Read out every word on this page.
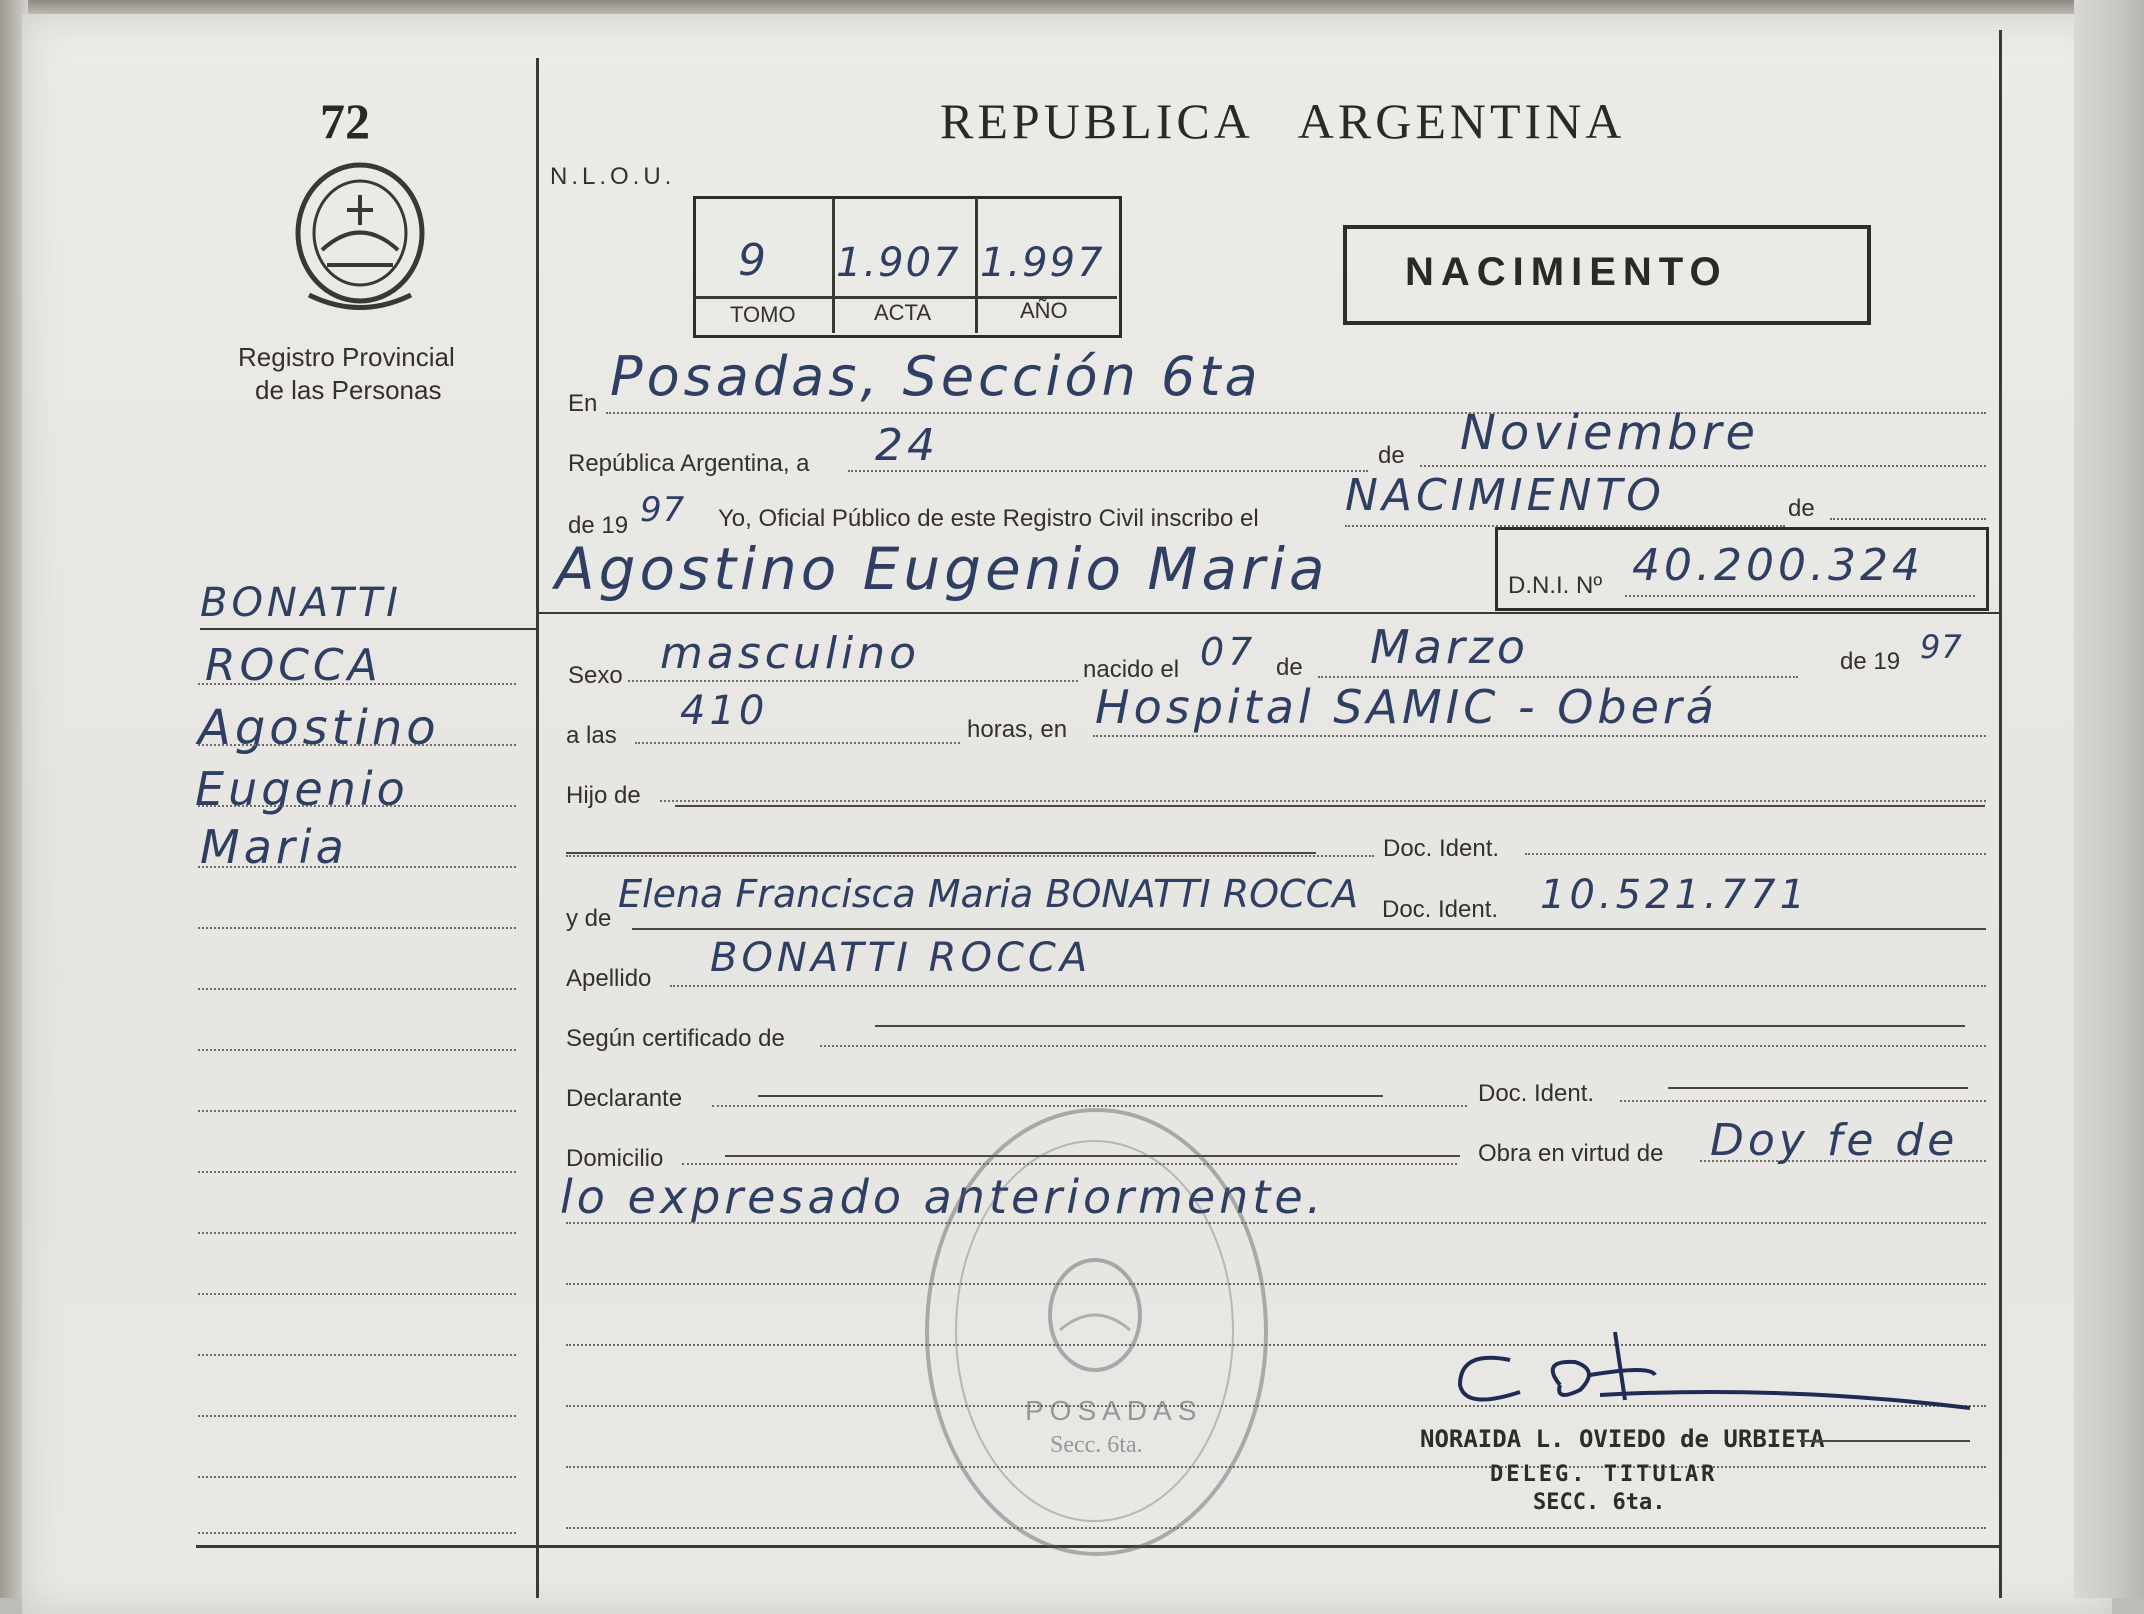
72
Registro Provincial
de las Personas
BONATTI
ROCCA
Agostino
Eugenio
Maria
REPUBLICA   ARGENTINA
N.L.O.U.
9 1.907 1.997
TOMO	ACTA	AÑO
NACIMIENTO
En Posadas, Sección 6ta
República Argentina, a 24	de Noviembre
de 19 97 Yo, Oficial Público de este Registro Civil inscribo el NACIMIENTO	de
Agostino Eugenio Maria	D.N.I. Nº 40.200.324
Sexo masculino	nacido el 07 de Marzo	de 19 97
a las
410	horas, en Hospital SAMIC - Oberá
Hijo de
Doc. Ident.
y de
Elena Francisca Maria BONATTI ROCCA Doc. Ident. 10.521.771
Apellido BONATTI ROCCA
Según certificado de
Declarante	Doc. Ident.
Domicilio	Obra en virtud de Doy fe de
lo expresado anteriormente.
POSADAS
Secc. 6ta.	NORAIDA L. OVIEDO de URBIETA
DELEG. TITULAR
SECC. 6ta.
